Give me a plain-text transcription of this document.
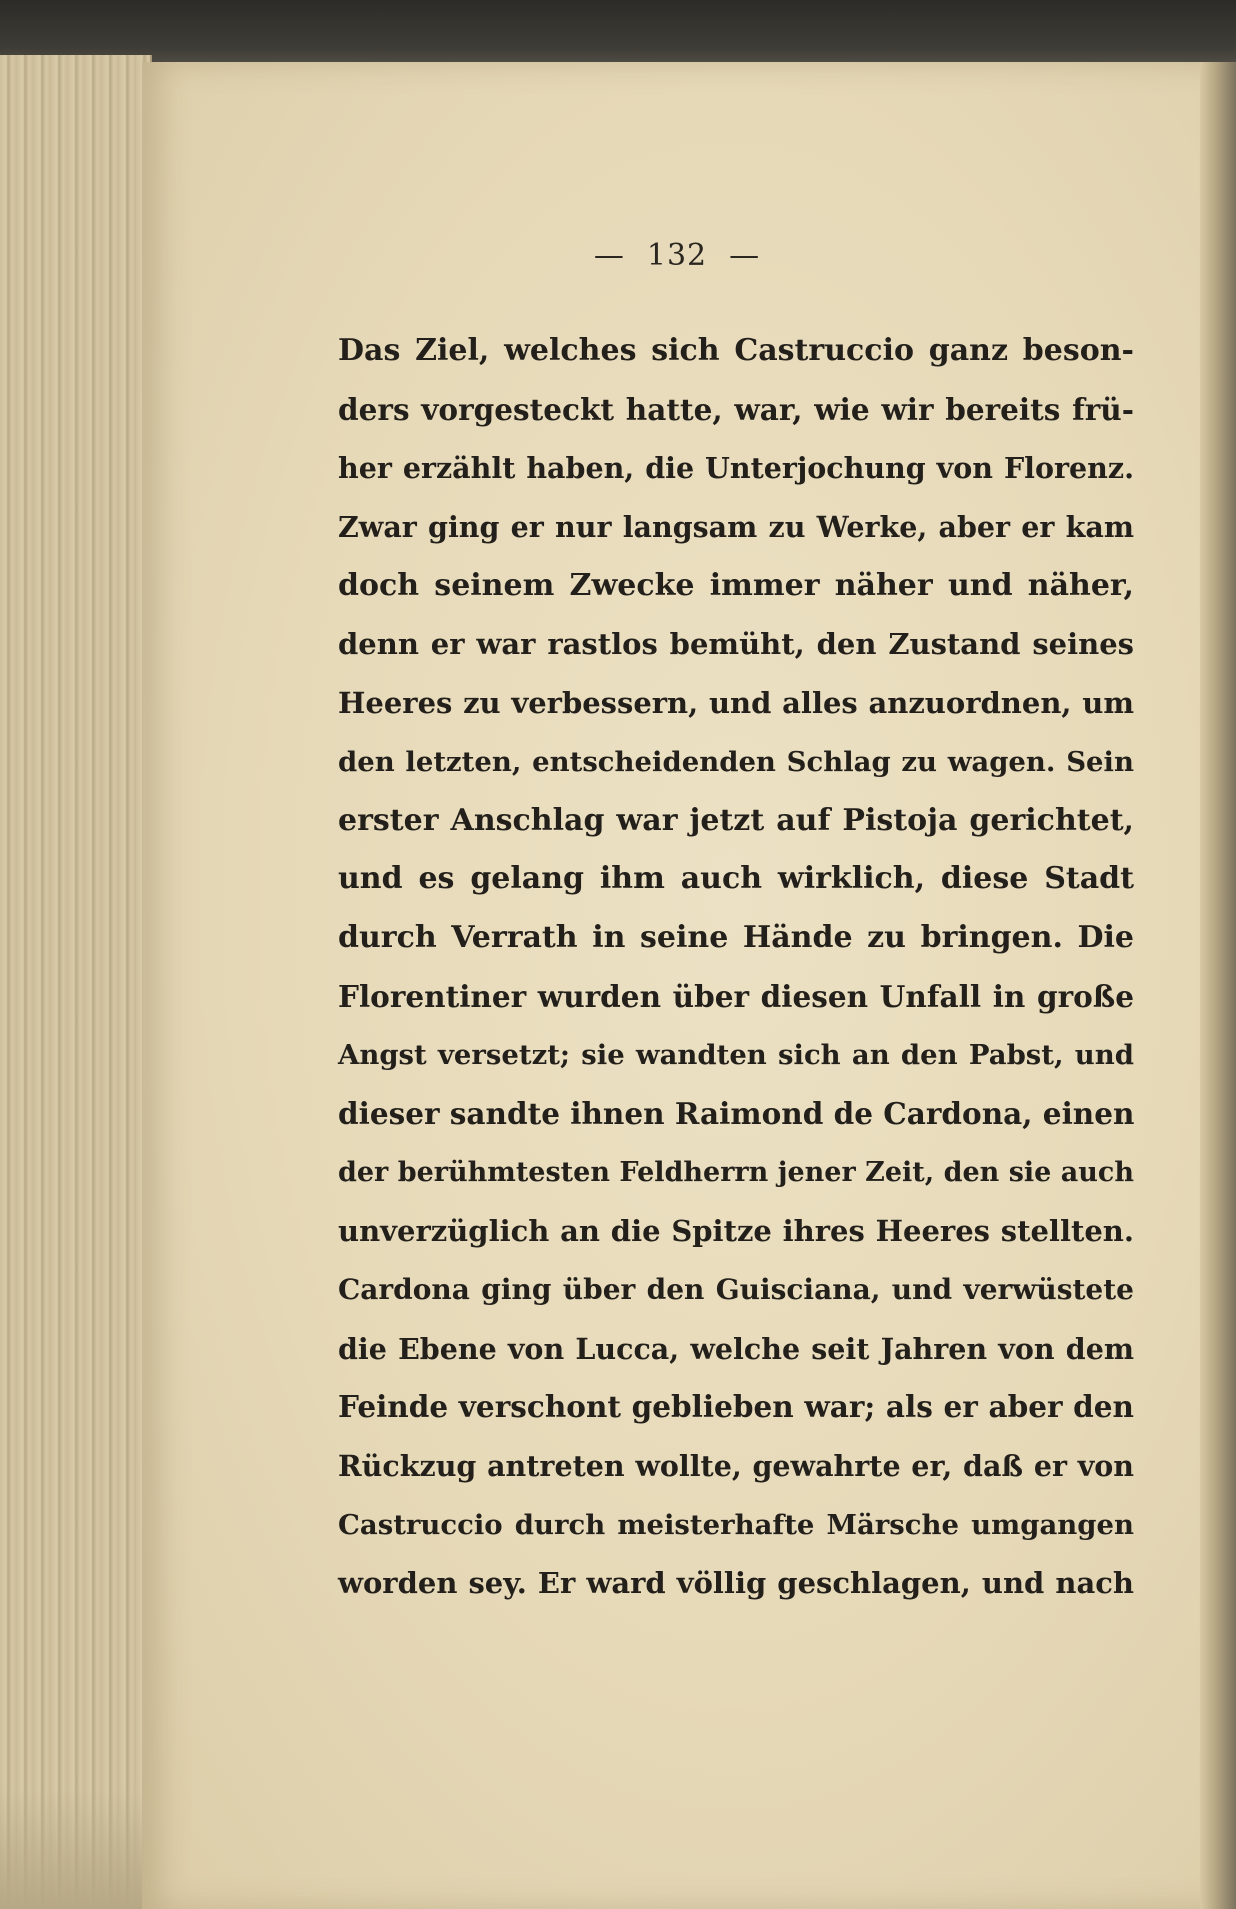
— 132 —
Das Ziel, welches sich Castruccio ganz beson-
ders vorgesteckt hatte, war, wie wir bereits frü-
her erzählt haben, die Unterjochung von Florenz.
Zwar ging er nur langsam zu Werke, aber er kam
doch seinem Zwecke immer näher und näher,
denn er war rastlos bemüht, den Zustand seines
Heeres zu verbessern, und alles anzuordnen, um
den letzten, entscheidenden Schlag zu wagen. Sein
erster Anschlag war jetzt auf Pistoja gerichtet,
und es gelang ihm auch wirklich, diese Stadt
durch Verrath in seine Hände zu bringen. Die
Florentiner wurden über diesen Unfall in große
Angst versetzt; sie wandten sich an den Pabst, und
dieser sandte ihnen Raimond de Cardona, einen
der berühmtesten Feldherrn jener Zeit, den sie auch
unverzüglich an die Spitze ihres Heeres stellten.
Cardona ging über den Guisciana, und verwüstete
die Ebene von Lucca, welche seit Jahren von dem
Feinde verschont geblieben war; als er aber den
Rückzug antreten wollte, gewahrte er, daß er von
Castruccio durch meisterhafte Märsche umgangen
worden sey. Er ward völlig geschlagen, und nach
